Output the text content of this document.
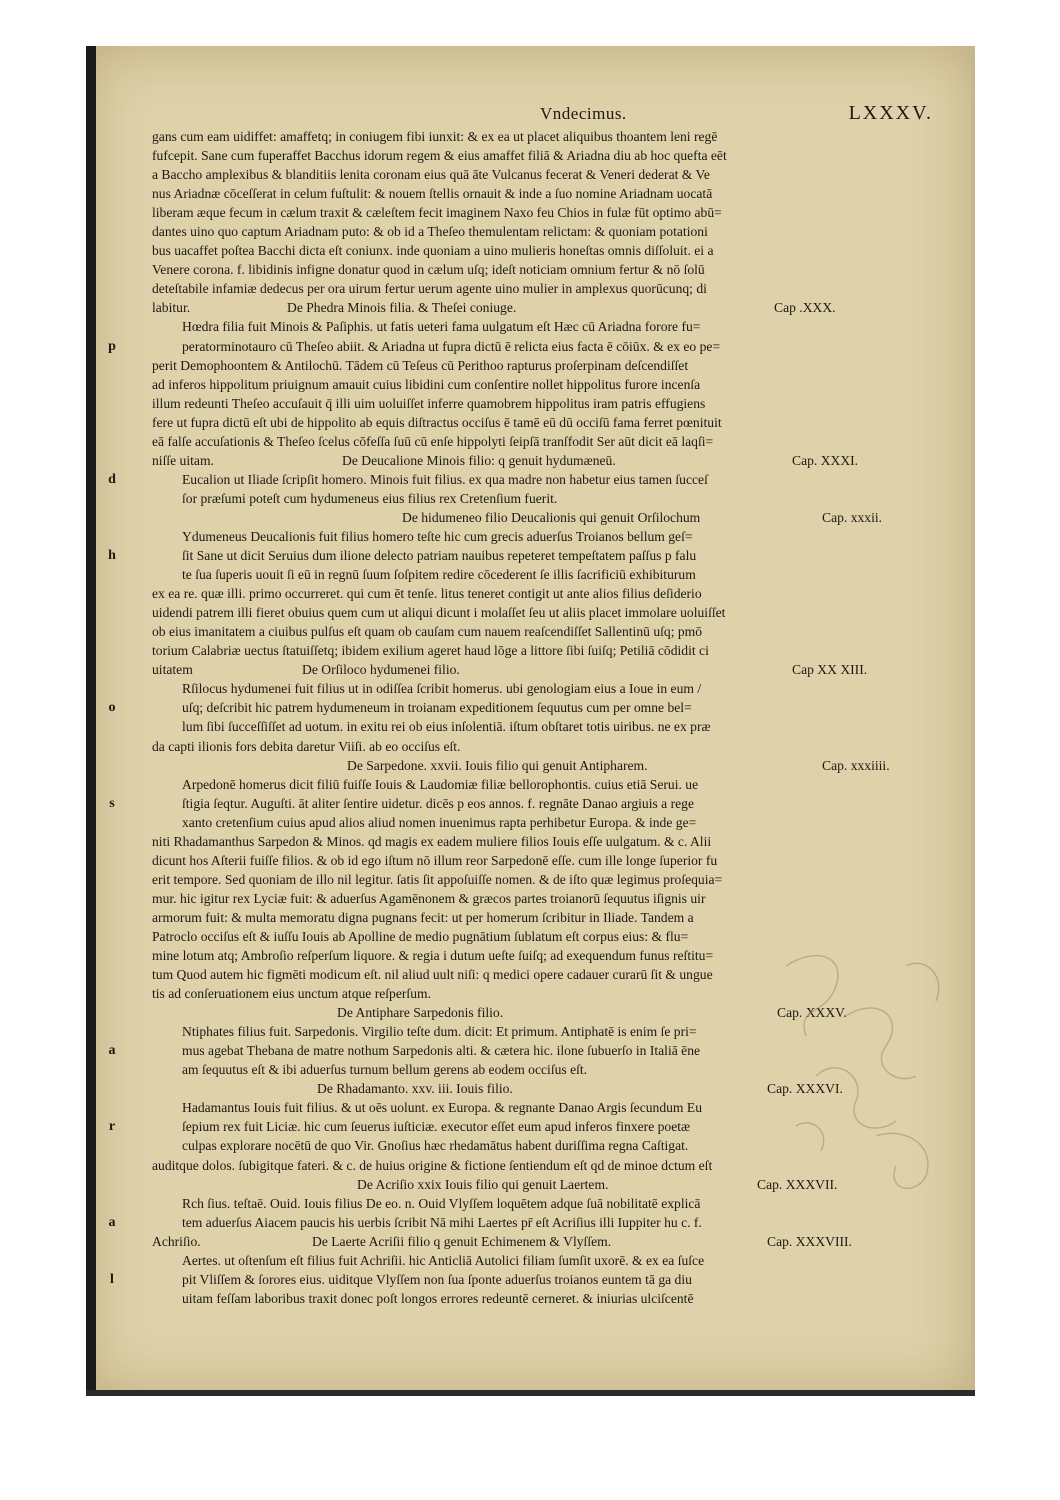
Vndecimus.	LXXXV.
gans cum eam uidiffet: amaffetq; in coniugem fibi iunxit: & ex ea ut placet aliquibus thoantem leni regē
fufcepit. Sane cum fuperaffet Bacchus idorum regem & eius amaffet filiā & Ariadna diu ab hoc quefta eēt
a Baccho amplexibus & blanditiis lenita coronam eius quā āte Vulcanus fecerat & Veneri dederat & Ve
nus Ariadnæ cōceſſerat in celum fuſtulit: & nouem ſtellis ornauit & inde a ſuo nomine Ariadnam uocatā
liberam æque fecum in cælum traxit & cæleſtem fecit imaginem Naxo feu Chios in fulæ fūt optimo abū=
dantes uino quo captum Ariadnam puto: & ob id a Theſeo themulentam relictam: & quoniam potationi
bus uacaffet poſtea Bacchi dicta eſt coniunx. inde quoniam a uino mulieris honeſtas omnis diſſoluit. ei a
Venere corona. f. libidinis infigne donatur quod in cælum uſq; ideſt noticiam omnium fertur & nō ſolū
deteſtabile infamiæ dedecus per ora uirum fertur uerum agente uino mulier in amplexus quorūcunq; di
labitur.	De Phedra Minois filia. & Theſei coniuge.	Cap .XXX.
Hœdra filia fuit Minois & Paſiphis. ut fatis ueteri fama uulgatum eſt Hæc cū Ariadna forore fu=
p	peratorminotauro cū Theſeo abiit. & Ariadna ut fupra dictū ē relicta eius facta ē cōiūx. & ex eo pe=
perit Demophoontem & Antilochū. Tādem cū Teſeus cū Perithoo rapturus proſerpinam deſcendiſſet
ad inferos hippolitum priuignum amauit cuius libidini cum conſentire nollet hippolitus furore incenſa
illum redeunti Theſeo accuſauit q̄ illi uim uoluiſſet inferre quamobrem hippolitus iram patris effugiens
fere ut fupra dictū eſt ubi de hippolito ab equis diſtractus occiſus ē tamē eū dū occiſū fama ferret pœnituit
eā falſe accuſationis & Theſeo ſcelus cōfeſſa ſuū cū enſe hippolyti ſeipſā tranſfodit Ser aūt dicit eā laqſi=
niſſe uitam.	De Deucalione Minois filio: q genuit hydumæneū.	Cap. XXXI.
d	Eucalion ut Iliade ſcripſit homero. Minois fuit filius. ex qua madre non habetur eius tamen ſucceſ
ſor præſumi poteſt cum hydumeneus eius filius rex Cretenſium fuerit.
De hidumeneo filio Deucalionis qui genuit Orſilochum	Cap. xxxii.
Ydumeneus Deucalionis fuit filius homero teſte hic cum grecis aduerſus Troianos bellum geſ=
h	ſit Sane ut dicit Seruius dum ilione delecto patriam nauibus repeteret tempeſtatem paſſus p falu
te ſua ſuperis uouit ſi eū in regnū ſuum ſoſpitem redire cōcederent ſe illis ſacrificiū exhibiturum
ex ea re. quæ illi. primo occurreret. qui cum ēt tenſe. litus teneret contigit ut ante alios filius deſiderio
uidendi patrem illi fieret obuius quem cum ut aliqui dicunt i molaſſet ſeu ut aliis placet immolare uoluiſſet
ob eius imanitatem a ciuibus pulſus eſt quam ob cauſam cum nauem reaſcendiſſet Sallentinū uſq; pmō
torium Calabriæ uectus ſtatuiſſetq; ibidem exilium ageret haud lōge a littore ſibi ſuiſq; Petiliā cōdidit ci
uitatem	De Orſiloco hydumenei filio.	Cap XX XIII.
Rſilocus hydumenei fuit filius ut in odiſſea ſcribit homerus. ubi genologiam eius a Ioue in eum /
o	uſq; deſcribit hic patrem hydumeneum in troianam expeditionem ſequutus cum per omne bel=
lum ſibi ſucceſſiſſet ad uotum. in exitu rei ob eius inſolentiā. iſtum obſtaret totis uiribus. ne ex præ
da capti ilionis fors debita daretur Viiſi. ab eo occiſus eſt.
De Sarpedone. xxvii. Iouis filio qui genuit Antipharem.	Cap. xxxiiii.
Arpedonē homerus dicit filiū fuiſſe Iouis & Laudomiæ filiæ bellorophontis. cuius etiā Serui. ue
s	ſtigia ſeqtur. Auguſti. āt aliter ſentire uidetur. dicēs p eos annos. f. regnāte Danao argiuis a rege
xanto cretenſium cuius apud alios aliud nomen inuenimus rapta perhibetur Europa. & inde ge=
niti Rhadamanthus Sarpedon & Minos. qd magis ex eadem muliere filios Iouis eſſe uulgatum. & c. Alii
dicunt hos Aſterii fuiſſe filios. & ob id ego iſtum nō illum reor Sarpedonē eſſe. cum ille longe ſuperior fu
erit tempore. Sed quoniam de illo nil legitur. ſatis ſit appoſuiſſe nomen. & de iſto quæ legimus proſequia=
mur. hic igitur rex Lyciæ fuit: & aduerſus Agamēnonem & græcos partes troianorū ſequutus iſignis uir
armorum fuit: & multa memoratu digna pugnans fecit: ut per homerum ſcribitur in Iliade. Tandem a
Patroclo occiſus eſt & iuſſu Iouis ab Apolline de medio pugnātium ſublatum eſt corpus eius: & flu=
mine lotum atq; Ambroſio reſperſum liquore. & regia i dutum ueſte ſuiſq; ad exequendum funus reſtitu=
tum Quod autem hic figmēti modicum eſt. nil aliud uult niſi: q medici opere cadauer curarū ſit & ungue
tis ad conſeruationem eius unctum atque reſperſum.
De Antiphare Sarpedonis filio.	Cap. XXXV.
Ntiphates filius fuit. Sarpedonis. Virgilio teſte dum. dicit: Et primum. Antiphatē is enim ſe pri=
a	mus agebat Thebana de matre nothum Sarpedonis alti. & cætera hic. ilone ſubuerſo in Italiā ēne
am ſequutus eſt & ibi aduerſus turnum bellum gerens ab eodem occiſus eſt.
De Rhadamanto. xxv. iii. Iouis filio.	Cap. XXXVI.
Hadamantus Iouis fuit filius. & ut oēs uolunt. ex Europa. & regnante Danao Argis ſecundum Eu
r	ſepium rex fuit Liciæ. hic cum ſeuerus iuſticiæ. executor eſſet eum apud inferos finxere poetæ
culpas explorare nocētū de quo Vir. Gnoſius hæc rhedamātus habent duriſſima regna Caſtigat.
auditque dolos. ſubigitque fateri. & c. de huius origine & fictione ſentiendum eſt qd de minoe dctum eſt
De Acriſio xxix Iouis filio qui genuit Laertem.	Cap. XXXVII.
Rch ſius. teſtaē. Ouid. Iouis filius De eo. n. Ouid Vlyſſem loquētem adque ſuā nobilitatē explicā
a	tem aduerſus Aiacem paucis his uerbis ſcribit Nā mihi Laertes pr̄ eſt Acriſius illi Iuppiter hu c. f.
Achriſio.	De Laerte Acriſii filio q genuit Echimenem & Vlyſſem.	Cap. XXXVIII.
Aertes. ut oſtenſum eſt filius fuit Achriſii. hic Anticliā Autolici filiam ſumſit uxorē. & ex ea ſuſce
l	pit Vliſſem & ſorores eius. uiditque Vlyſſem non ſua ſponte aduerſus troianos euntem tā ga diu
uitam feſſam laboribus traxit donec poſt longos errores redeuntē cerneret. & iniurias ulciſcentē
